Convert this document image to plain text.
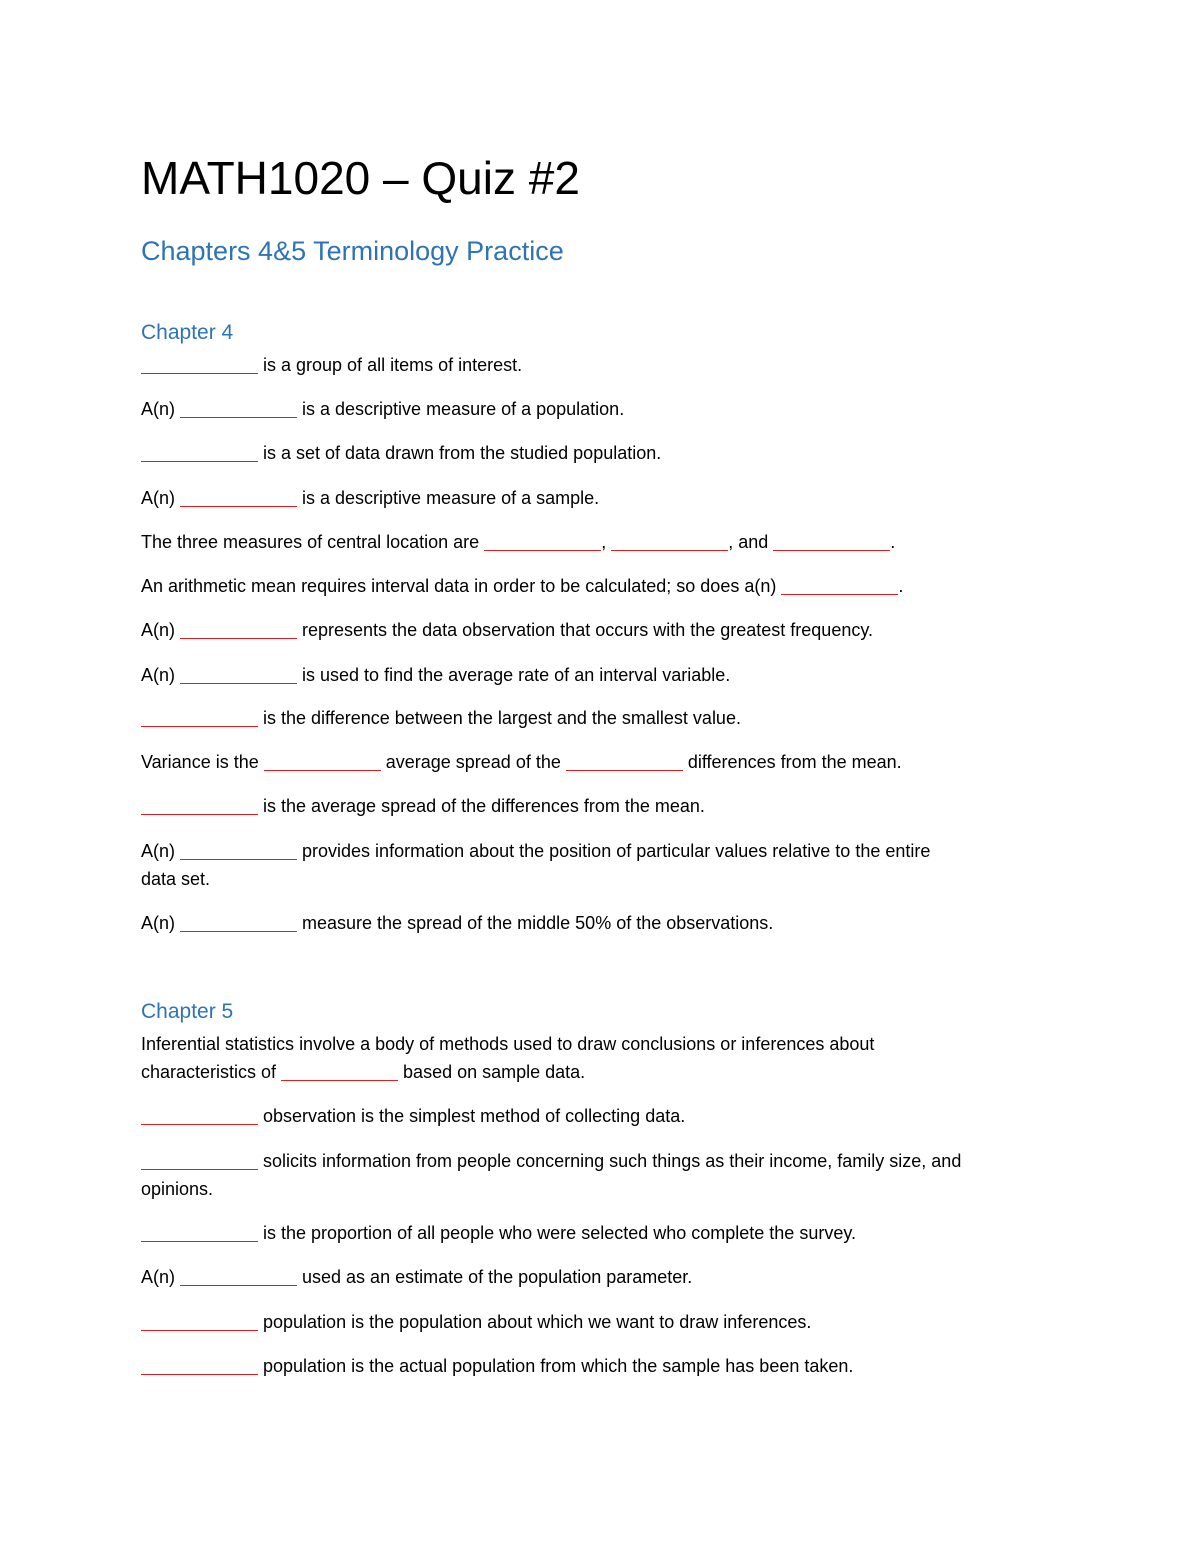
MATH1020 – Quiz #2
Chapters 4&5 Terminology Practice
Chapter 4
is a group of all items of interest.
A(n)	is a descriptive measure of a population.
is a set of data drawn from the studied population.
A(n)	is a descriptive measure of a sample.
The three measures of central location are	,	, and	.
An arithmetic mean requires interval data in order to be calculated; so does a(n)	.
A(n)	represents the data observation that occurs with the greatest frequency.
A(n)	is used to find the average rate of an interval variable.
is the difference between the largest and the smallest value.
Variance is the	average spread of the	differences from the mean.
is the average spread of the differences from the mean.
A(n)	provides information about the position of particular values relative to the entire
data set.
A(n)	measure the spread of the middle 50% of the observations.
Chapter 5
Inferential statistics involve a body of methods used to draw conclusions or inferences about
characteristics of	based on sample data.
observation is the simplest method of collecting data.
solicits information from people concerning such things as their income, family size, and
opinions.
is the proportion of all people who were selected who complete the survey.
A(n)	used as an estimate of the population parameter.
population is the population about which we want to draw inferences.
population is the actual population from which the sample has been taken.
